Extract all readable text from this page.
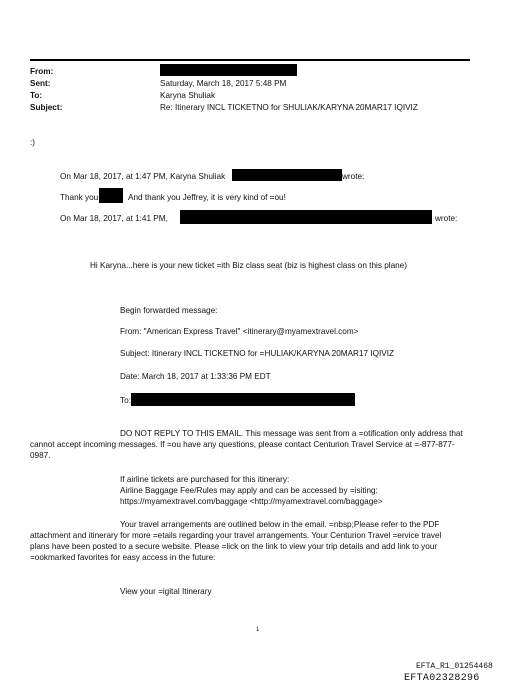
From:
Sent:	Saturday, March 18, 2017 5:48 PM
To:	Karyna Shuliak
Subject:	Re: Itinerary INCL TICKETNO for SHULIAK/KARYNA 20MAR17 IQIVIZ
:)
On Mar 18, 2017, at 1:47 PM, Karyna Shuliak	wrote:
Thank you	And thank you Jeffrey, it is very kind of =ou!
On Mar 18, 2017, at 1:41 PM,	wrote:
Hi Karyna...here is your new ticket =ith Biz class seat (biz is highest class on this plane)
Begin forwarded message:
From: "American Express Travel" <itinerary@myamextravel.com>
Subject: Itinerary INCL TICKETNO for =HULIAK/KARYNA 20MAR17 IQIVIZ
Date: March 18, 2017 at 1:33:36 PM EDT
To:
DO NOT REPLY TO THIS EMAIL. This message was sent from a =otification only address that
cannot accept incoming messages. If =ou have any questions, please contact Centurion Travel Service at =-877-877-
0987.
If airline tickets are purchased for this itinerary:
Airline Baggage Fee/Rules may apply and can be accessed by =isiting:
https://myamextravel.com/baggage <http://myamextravel.com/baggage>
Your travel arrangements are outlined below in the email. =nbsp;Please refer to the PDF
attachment and itinerary for more =etails regarding your travel arrangements. Your Centurion Travel =ervice travel
plans have been posted to a secure website. Please =lick on the link to view your trip details and add link to your
=ookmarked favorites for easy access in the future:
View your =igital Itinerary
1
EFTA_R1_01254468
EFTA02328296
